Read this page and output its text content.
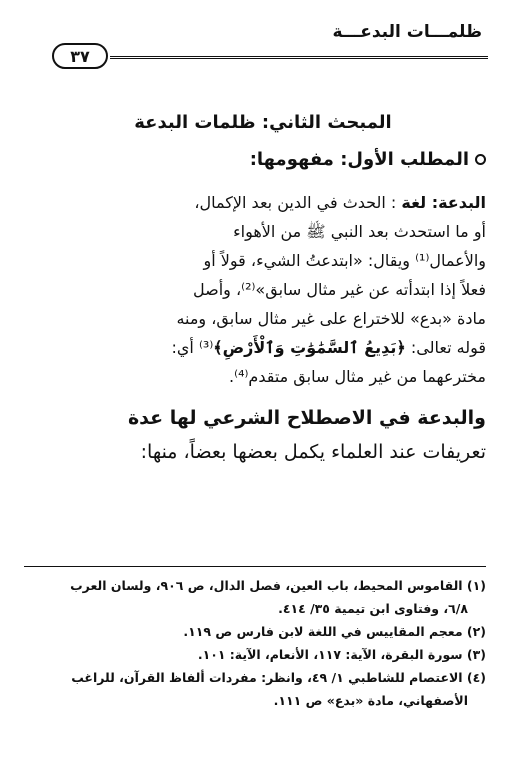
ظلمـــات البدعـــة
٣٧
المبحث الثاني: ظلمات البدعة
المطلب الأول: مفهومها:
البدعة: لغة : الحدث في الدين بعد الإكمال،
أو ما استحدث بعد النبي ﷺ من الأهواء
والأعمال⁽¹⁾ ويقال: «ابتدعتُ الشيء، قولاً أو
فعلاً إذا ابتدأته عن غير مثال سابق»⁽²⁾، وأصل
مادة «بدع» للاختراع على غير مثال سابق، ومنه
قوله تعالى: ﴿بَدِيعُ ٱلسَّمَٰوَٰتِ وَٱلْأَرْضِ﴾⁽³⁾ أي:
مخترعهما من غير مثال سابق متقدم⁽⁴⁾.
والبدعة في الاصطلاح الشرعي لها عدة
تعريفات عند العلماء يكمل بعضها بعضاً، منها:
(١) القاموس المحيط، باب العين، فصل الدال، ص ٩٠٦، ولسان العرب
٦/٨، وفتاوى ابن تيمية ٣٥/ ٤١٤.
(٢) معجم المقاييس في اللغة لابن فارس ص ١١٩.
(٣) سورة البقرة، الآية: ١١٧، الأنعام، الآية: ١٠١.
(٤) الاعتصام للشاطبي ١/ ٤٩، وانظر: مفردات ألفاظ القرآن، للراغب
الأصفهاني، مادة «بدع» ص ١١١.
